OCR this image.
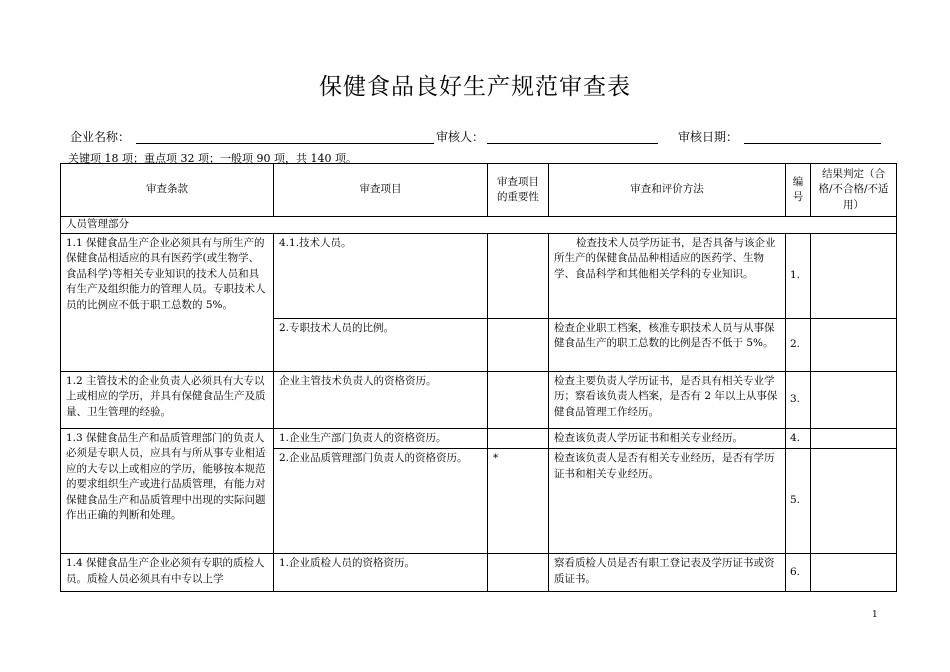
保健食品良好生产规范审查表
企业名称：	审核人：	审核日期：
关键项 18 项；重点项 32 项；一般项 90 项，共 140 项。
审查条款	审查项目	审查项目的重要性	审查和评价方法	编号	结果判定（合格/不合格/不适用）
人员管理部分					
1.1 保健食品生产企业必须具有与所生产的保健食品相适应的具有医药学(或生物学、食品科学)等相关专业知识的技术人员和具有生产及组织能力的管理人员。专职技术人员的比例应不低于职工总数的 5%。	4.1.技术人员。		检查技术人员学历证书，是否具备与该企业所生产的保健食品品种相适应的医药学、生物学、食品科学和其他相关学科的专业知识。	1.	
	2.专职技术人员的比例。		检查企业职工档案，核准专职技术人员与从事保健食品生产的职工总数的比例是否不低于 5%。	2.	
1.2 主管技术的企业负责人必须具有大专以上或相应的学历，并具有保健食品生产及质量、卫生管理的经验。	企业主管技术负责人的资格资历。		检查主要负责人学历证书，是否具有相关专业学历；察看该负责人档案，是否有 2 年以上从事保健食品管理工作经历。	3.	
1.3 保健食品生产和品质管理部门的负责人必须是专职人员，应具有与所从事专业相适应的大专以上或相应的学历，能够按本规范的要求组织生产或进行品质管理，有能力对保健食品生产和品质管理中出现的实际问题作出正确的判断和处理。	1.企业生产部门负责人的资格资历。		检查该负责人学历证书和相关专业经历。	4.	
	2.企业品质管理部门负责人的资格资历。	*	检查该负责人是否有相关专业经历，是否有学历证书和相关专业经历。	5.	
1.4 保健食品生产企业必须有专职的质检人员。质检人员必须具有中专以上学	1.企业质检人员的资格资历。		察看质检人员是否有职工登记表及学历证书或资质证书。	6.	
1
